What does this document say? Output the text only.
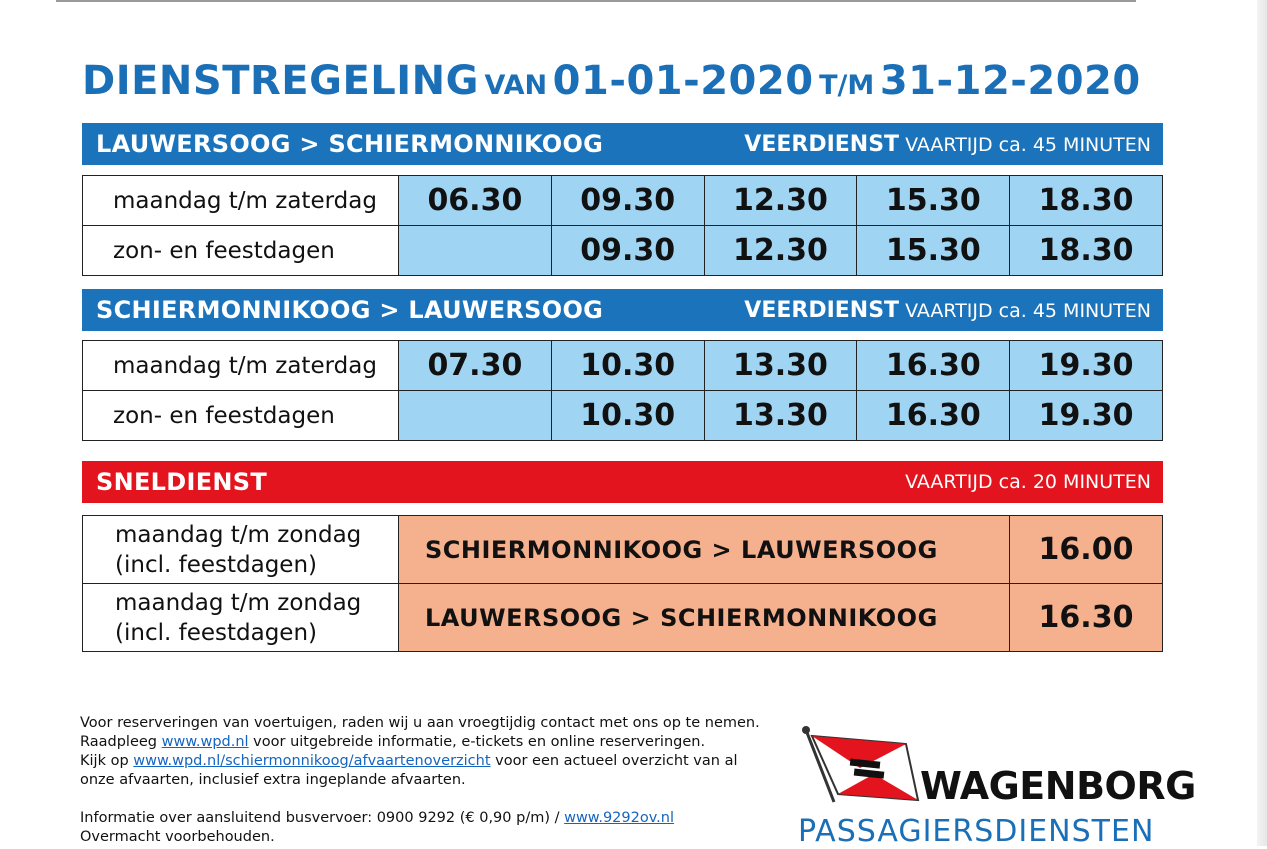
DIENSTREGELING VAN 01-01-2020 T/M 31-12-2020
LAUWERSOOG > SCHIERMONNIKOOG	VEERDIENST VAARTIJD ca. 45 MINUTEN
maandag t/m zaterdag	06.30	09.30	12.30	15.30	18.30
zon- en feestdagen		09.30	12.30	15.30	18.30
SCHIERMONNIKOOG > LAUWERSOOG	VEERDIENST VAARTIJD ca. 45 MINUTEN
maandag t/m zaterdag	07.30	10.30	13.30	16.30	19.30
zon- en feestdagen		10.30	13.30	16.30	19.30
SNELDIENST	VAARTIJD ca. 20 MINUTEN
maandag t/m zondag
(incl. feestdagen)	SCHIERMONNIKOOG > LAUWERSOOG	16.00

maandag t/m zondag
(incl. feestdagen)	LAUWERSOOG > SCHIERMONNIKOOG	16.30

Voor reserveringen van voertuigen, raden wij u aan vroegtijdig contact met ons op te nemen.

Raadpleeg www.wpd.nl voor uitgebreide informatie, e-tickets en online reserveringen.

Kijk op www.wpd.nl/schiermonnikoog/afvaartenoverzicht voor een actueel overzicht van al

onze afvaarten, inclusief extra ingeplande afvaarten.

Informatie over aansluitend busvervoer: 0900 9292 (€ 0,90 p/m) / www.9292ov.nl

Overmacht voorbehouden.

WAGENBORG
PASSAGIERSDIENSTEN
